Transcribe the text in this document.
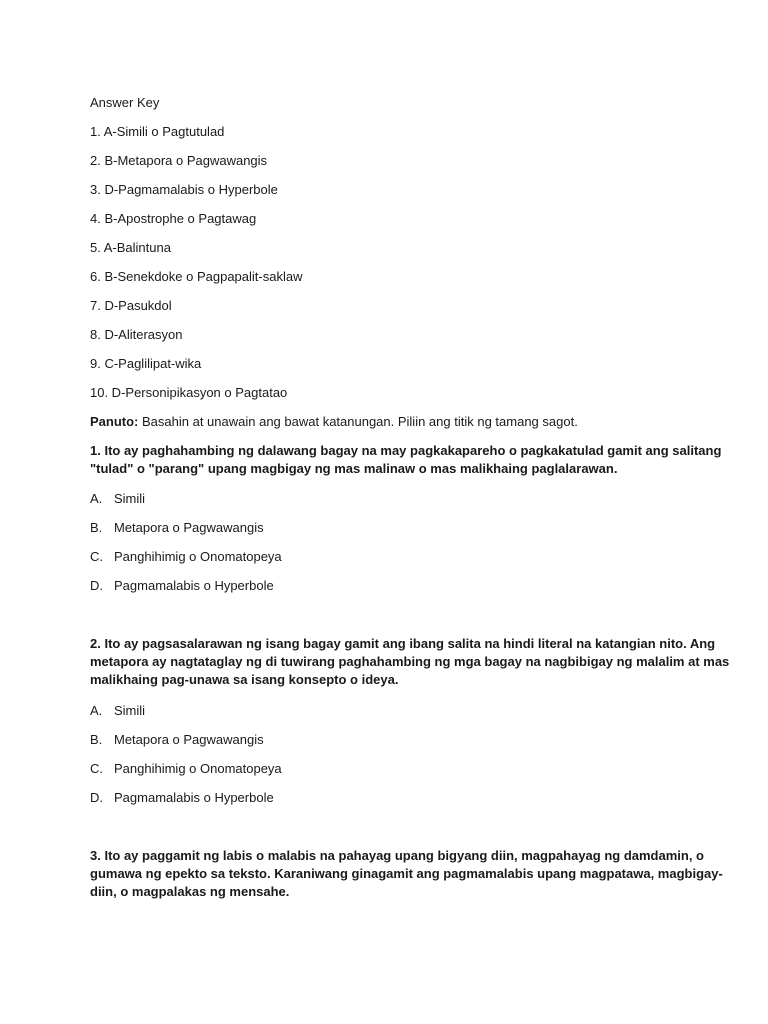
Answer Key
1. A-Simili o Pagtutulad
2. B-Metapora o Pagwawangis
3. D-Pagmamalabis o Hyperbole
4. B-Apostrophe o Pagtawag
5. A-Balintuna
6. B-Senekdoke o Pagpapalit-saklaw
7. D-Pasukdol
8. D-Aliterasyon
9. C-Paglilipat-wika
10. D-Personipikasyon o Pagtatao
Panuto: Basahin at unawain ang bawat katanungan. Piliin ang titik ng tamang sagot.
1. Ito ay paghahambing ng dalawang bagay na may pagkakapareho o pagkakatulad gamit ang salitang
"tulad" o "parang" upang magbigay ng mas malinaw o mas malikhaing paglalarawan.
A. Simili
B. Metapora o Pagwawangis
C. Panghihimig o Onomatopeya
D. Pagmamalabis o Hyperbole
2. Ito ay pagsasalarawan ng isang bagay gamit ang ibang salita na hindi literal na katangian nito. Ang
metapora ay nagtataglay ng di tuwirang paghahambing ng mga bagay na nagbibigay ng malalim at mas
malikhaing pag-unawa sa isang konsepto o ideya.
A. Simili
B. Metapora o Pagwawangis
C. Panghihimig o Onomatopeya
D. Pagmamalabis o Hyperbole
3. Ito ay paggamit ng labis o malabis na pahayag upang bigyang diin, magpahayag ng damdamin, o
gumawa ng epekto sa teksto. Karaniwang ginagamit ang pagmamalabis upang magpatawa, magbigay-
diin, o magpalakas ng mensahe.
